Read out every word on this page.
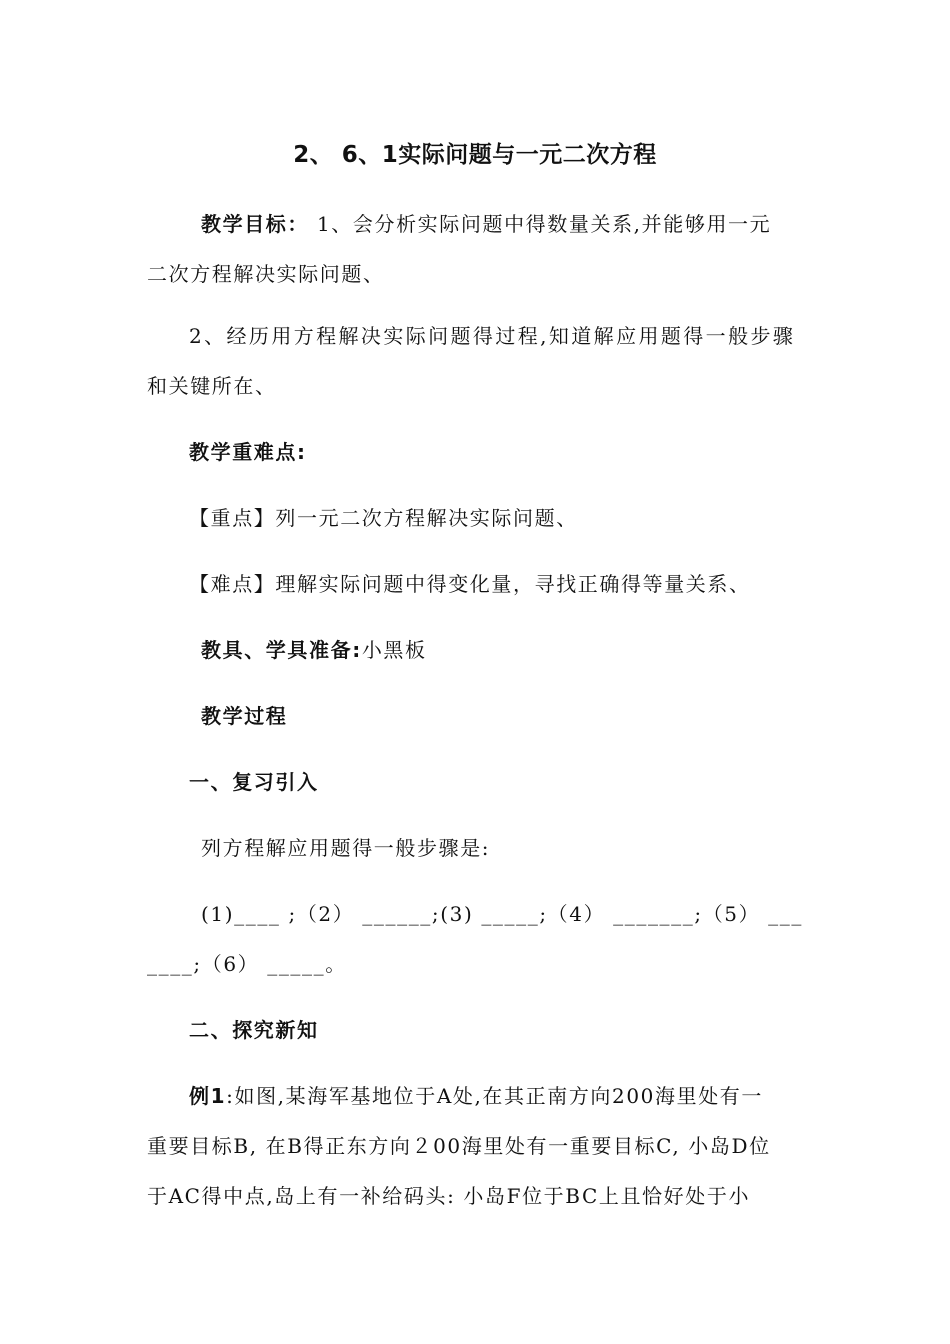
2、 6、1实际问题与一元二次方程
教学目标： 1、会分析实际问题中得数量关系,并能够用一元
二次方程解决实际问题、
2、经历用方程解决实际问题得过程,知道解应用题得一般步骤
和关键所在、
教学重难点:
【重点】列一元二次方程解决实际问题、
【难点】理解实际问题中得变化量，寻找正确得等量关系、
教具、学具准备:小黑板
教学过程
一、复习引入
列方程解应用题得一般步骤是:
(1)____ ;（2） ______;(3) _____;（4） _______;（5） ___
____;（6） _____。
二、探究新知
例1:如图,某海军基地位于A处,在其正南方向200海里处有一
重要目标B, 在B得正东方向２00海里处有一重要目标C, 小岛D位
于AC得中点,岛上有一补给码头: 小岛F位于BC上且恰好处于小
